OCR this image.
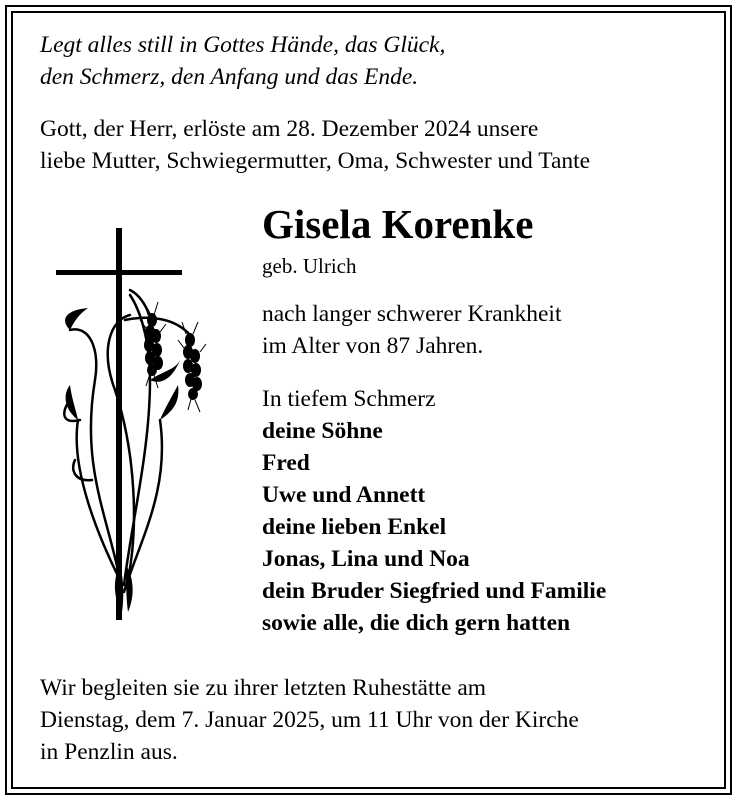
Legt alles still in Gottes Hände, das Glück,
den Schmerz, den Anfang und das Ende.
Gott, der Herr, erlöste am 28. Dezember 2024 unsere
liebe Mutter, Schwiegermutter, Oma, Schwester und Tante
Gisela Korenke
geb. Ulrich
nach langer schwerer Krankheit
im Alter von 87 Jahren.
In tiefem Schmerz
deine Söhne
Fred
Uwe und Annett
deine lieben Enkel
Jonas, Lina und Noa
dein Bruder Siegfried und Familie
sowie alle, die dich gern hatten
Wir begleiten sie zu ihrer letzten Ruhestätte am
Dienstag, dem 7. Januar 2025, um 11 Uhr von der Kirche
in Penzlin aus.
